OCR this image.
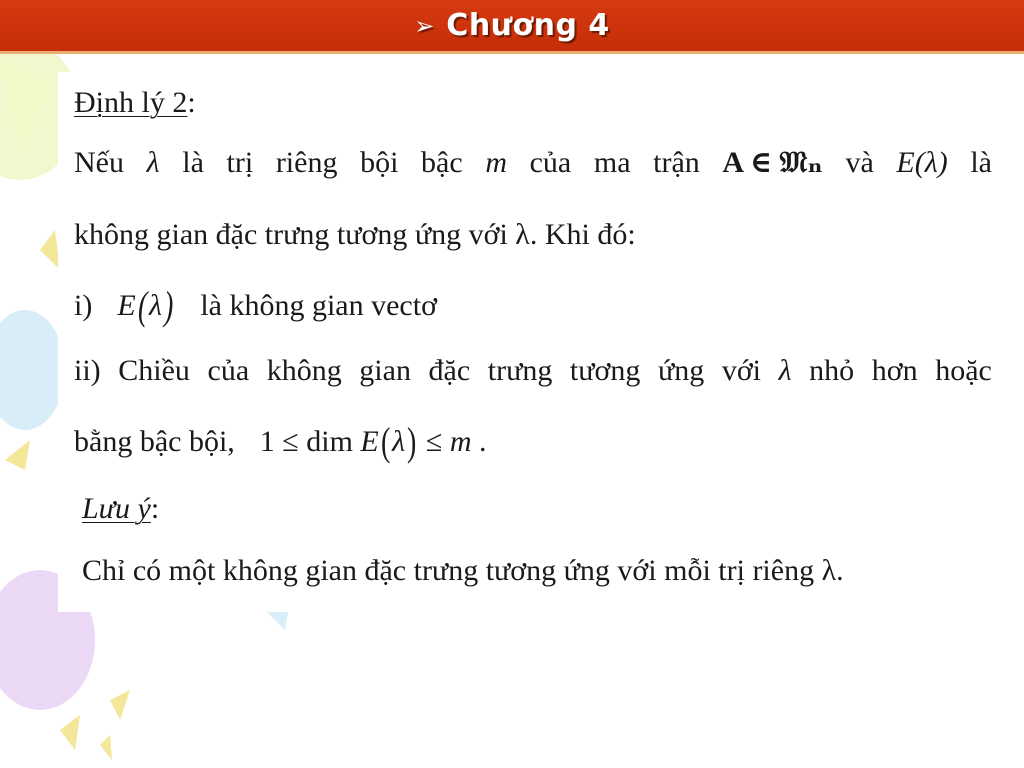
➢ Chương 4
Định lý 2:
Nếu λ là trị riêng bội bậc m của ma trận A ∈ 𝔐ₙ và E(λ) là
không gian đặc trưng tương ứng với λ. Khi đó:
i) E(λ) là không gian vectơ
ii) Chiều của không gian đặc trưng tương ứng với λ nhỏ hơn hoặc
bằng bậc bội, 1 ≤ dim E(λ) ≤ m .
Lưu ý:
Chỉ có một không gian đặc trưng tương ứng với mỗi trị riêng λ.
